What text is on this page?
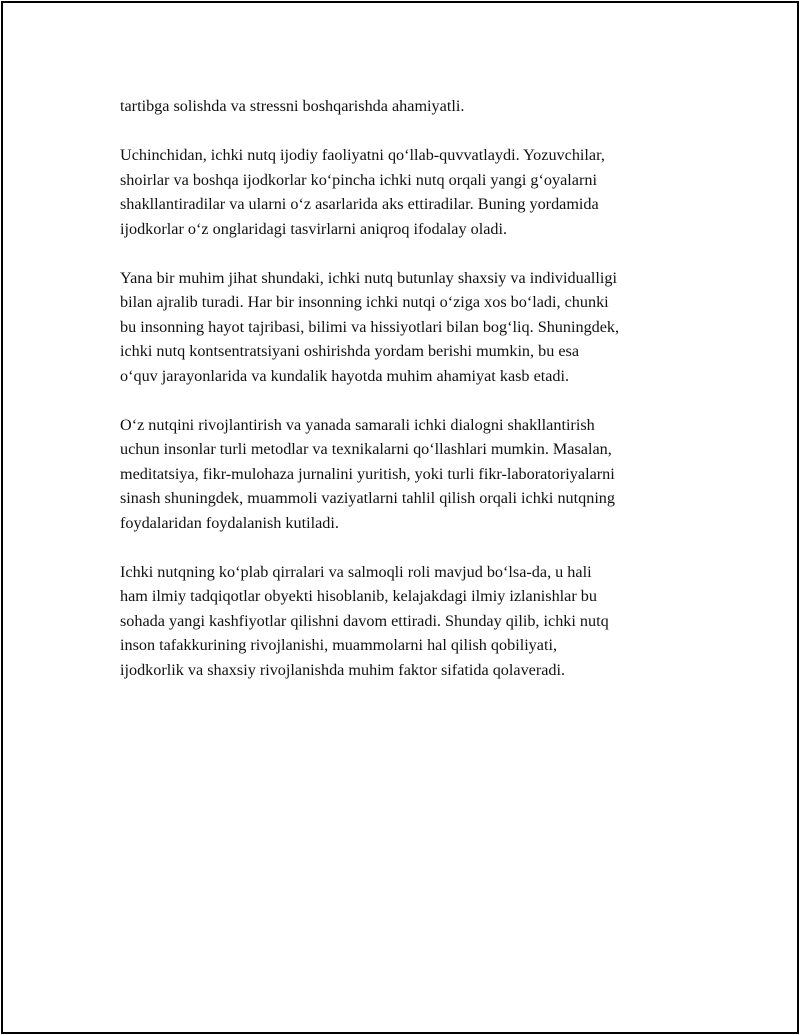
tartibga solishda va stressni boshqarishda ahamiyatli.

Uchinchidan, ichki nutq ijodiy faoliyatni qo‘llab-quvvatlaydi. Yozuvchilar,
shoirlar va boshqa ijodkorlar ko‘pincha ichki nutq orqali yangi g‘oyalarni
shakllantiradilar va ularni o‘z asarlarida aks ettiradilar. Buning yordamida
ijodkorlar o‘z onglaridagi tasvirlarni aniqroq ifodalay oladi.

Yana bir muhim jihat shundaki, ichki nutq butunlay shaxsiy va individualligi
bilan ajralib turadi. Har bir insonning ichki nutqi o‘ziga xos bo‘ladi, chunki
bu insonning hayot tajribasi, bilimi va hissiyotlari bilan bog‘liq. Shuningdek,
ichki nutq kontsentratsiyani oshirishda yordam berishi mumkin, bu esa
o‘quv jarayonlarida va kundalik hayotda muhim ahamiyat kasb etadi.

O‘z nutqini rivojlantirish va yanada samarali ichki dialogni shakllantirish
uchun insonlar turli metodlar va texnikalarni qo‘llashlari mumkin. Masalan,
meditatsiya, fikr-mulohaza jurnalini yuritish, yoki turli fikr-laboratoriyalarni
sinash shuningdek, muammoli vaziyatlarni tahlil qilish orqali ichki nutqning
foydalaridan foydalanish kutiladi.

Ichki nutqning ko‘plab qirralari va salmoqli roli mavjud bo‘lsa-da, u hali
ham ilmiy tadqiqotlar obyekti hisoblanib, kelajakdagi ilmiy izlanishlar bu
sohada yangi kashfiyotlar qilishni davom ettiradi. Shunday qilib, ichki nutq
inson tafakkurining rivojlanishi, muammolarni hal qilish qobiliyati,
ijodkorlik va shaxsiy rivojlanishda muhim faktor sifatida qolaveradi.
